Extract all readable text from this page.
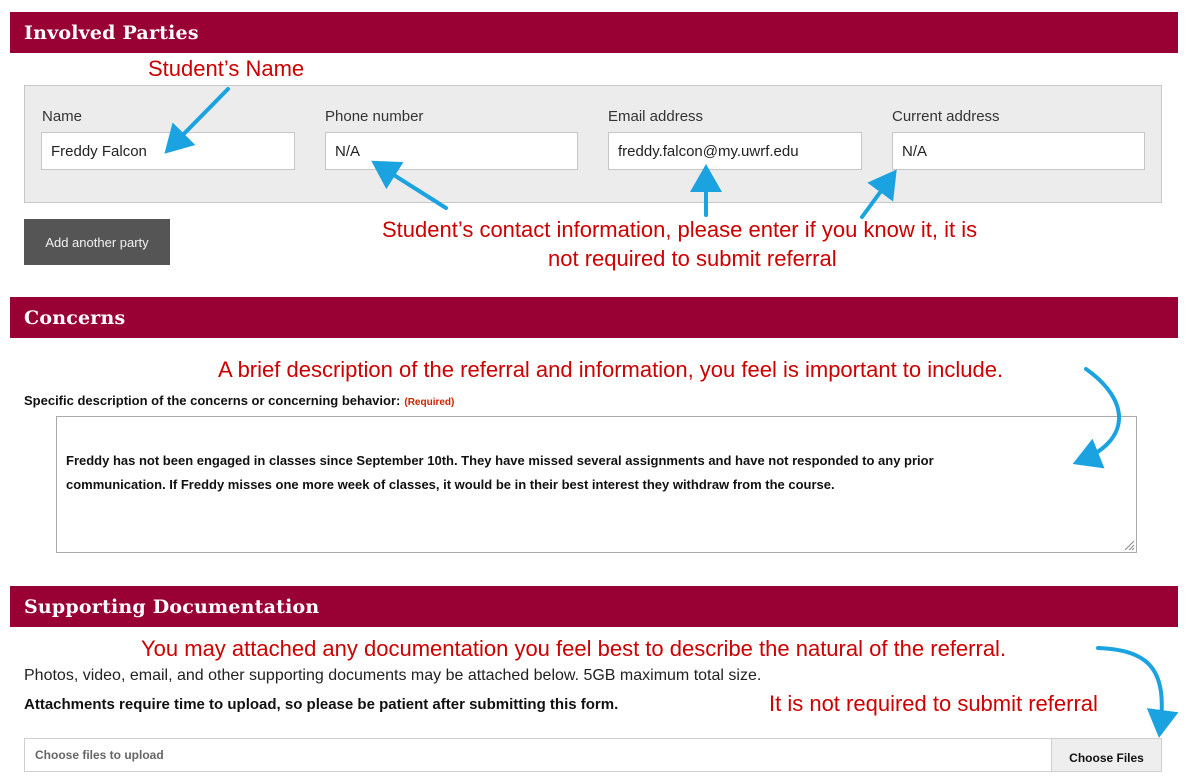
Involved Parties
Student’s Name
Name
Freddy Falcon
Phone number
N/A
Email address
freddy.falcon@my.uwrf.edu
Current address
N/A
Add another party	Student’s contact information, please enter if you know it, it is
not required to submit referral
Concerns
A brief description of the referral and information, you feel is important to include.
Specific description of the concerns or concerning behavior: (Required)

Freddy has not been engaged in classes since September 10th. They have missed several assignments and have not responded to any prior
communication. If Freddy misses one more week of classes, it would be in their best interest they withdraw from the course.

Supporting Documentation
You may attached any documentation you feel best to describe the natural of the referral.
Photos, video, email, and other supporting documents may be attached below. 5GB maximum total size.
Attachments require time to upload, so please be patient after submitting this form.	It is not required to submit referral
Choose files to upload	Choose Files
